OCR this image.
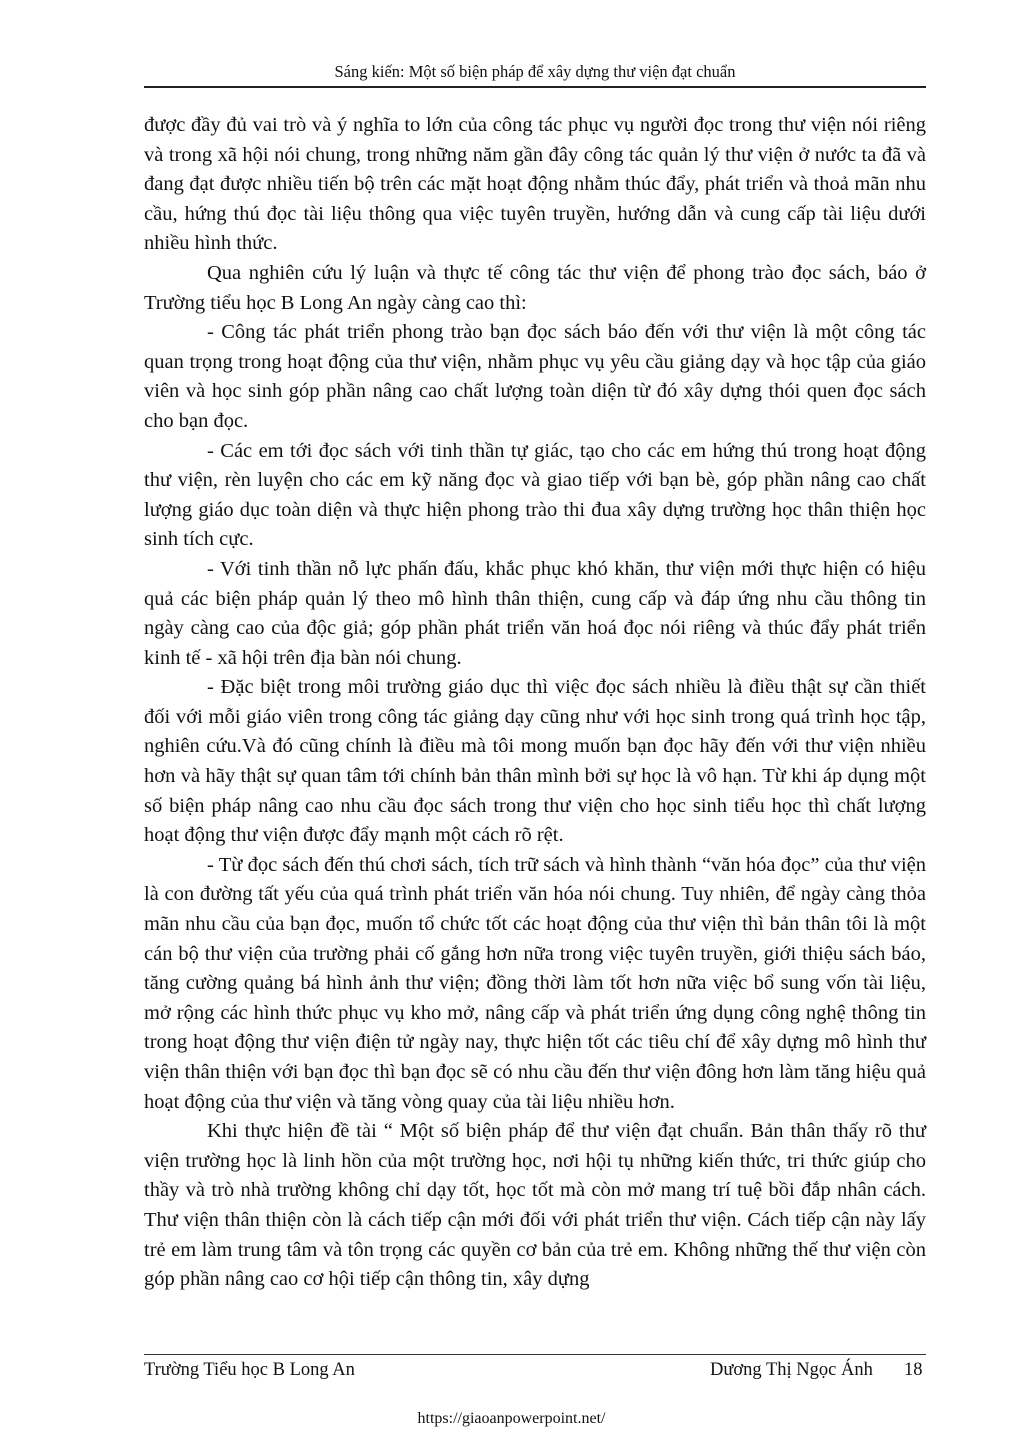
Sáng kiến: Một số biện pháp để xây dựng thư viện đạt chuẩn

được đầy đủ vai trò và ý nghĩa to lớn của công tác phục vụ người đọc trong thư viện nói riêng và trong xã hội nói chung, trong những năm gần đây công tác quản lý thư viện ở nước ta đã và đang đạt được nhiều tiến bộ trên các mặt hoạt động nhằm thúc đẩy, phát triển và thoả mãn nhu cầu, hứng thú đọc tài liệu thông qua việc tuyên truyền, hướng dẫn và cung cấp tài liệu dưới nhiều hình thức.

Qua nghiên cứu lý luận và thực tế công tác thư viện để phong trào đọc sách, báo ở Trường tiểu học B Long An ngày càng cao thì:

- Công tác phát triển phong trào bạn đọc sách báo đến với thư viện là một công tác quan trọng trong hoạt động của thư viện, nhằm phục vụ yêu cầu giảng dạy và học tập của giáo viên và học sinh góp phần nâng cao chất lượng toàn diện từ đó xây dựng thói quen đọc sách cho bạn đọc.

- Các em tới đọc sách với tinh thần tự giác, tạo cho các em hứng thú trong hoạt động thư viện, rèn luyện cho các em kỹ năng đọc và giao tiếp với bạn bè, góp phần nâng cao chất lượng giáo dục toàn diện và thực hiện phong trào thi đua xây dựng trường học thân thiện học sinh tích cực.

- Với tinh thần nỗ lực phấn đấu, khắc phục khó khăn, thư viện mới thực hiện có hiệu quả các biện pháp quản lý theo mô hình thân thiện, cung cấp và đáp ứng nhu cầu thông tin ngày càng cao của độc giả; góp phần phát triển văn hoá đọc nói riêng và thúc đẩy phát triển kinh tế - xã hội trên địa bàn nói chung.

- Đặc biệt trong môi trường giáo dục thì việc đọc sách nhiều là điều thật sự cần thiết đối với mỗi giáo viên trong công tác giảng dạy cũng như với học sinh trong quá trình học tập, nghiên cứu.Và đó cũng chính là điều mà tôi mong muốn bạn đọc hãy đến với thư viện nhiều hơn và hãy thật sự quan tâm tới chính bản thân mình bởi sự học là vô hạn. Từ khi áp dụng một số biện pháp nâng cao nhu cầu đọc sách trong thư viện cho học sinh tiểu học thì chất lượng hoạt động thư viện được đẩy mạnh một cách rõ rệt.

- Từ đọc sách đến thú chơi sách, tích trữ sách và hình thành “văn hóa đọc” của thư viện là con đường tất yếu của quá trình phát triển văn hóa nói chung. Tuy nhiên, để ngày càng thỏa mãn nhu cầu của bạn đọc, muốn tổ chức tốt các hoạt động của thư viện thì bản thân tôi là một cán bộ thư viện của trường phải cố gắng hơn nữa trong việc tuyên truyền, giới thiệu sách báo, tăng cường quảng bá hình ảnh thư viện; đồng thời làm tốt hơn nữa việc bổ sung vốn tài liệu, mở rộng các hình thức phục vụ kho mở, nâng cấp và phát triển ứng dụng công nghệ thông tin trong hoạt động thư viện điện tử ngày nay, thực hiện tốt các tiêu chí để xây dựng mô hình thư viện thân thiện với bạn đọc thì bạn đọc sẽ có nhu cầu đến thư viện đông hơn làm tăng hiệu quả hoạt động của thư viện và tăng vòng quay của tài liệu nhiều hơn.

Khi thực hiện đề tài “ Một số biện pháp để thư viện đạt chuẩn. Bản thân thấy rõ thư viện trường học là linh hồn của một trường học, nơi hội tụ những kiến thức, tri thức giúp cho thầy và trò nhà trường không chỉ dạy tốt, học tốt mà còn mở mang trí tuệ bồi đắp nhân cách. Thư viện thân thiện còn là cách tiếp cận mới đối với phát triển thư viện. Cách tiếp cận này lấy trẻ em làm trung tâm và tôn trọng các quyền cơ bản của trẻ em. Không những thế thư viện còn góp phần nâng cao cơ hội tiếp cận thông tin, xây dựng

Trường Tiểu học B Long An	Dương Thị Ngọc Ánh 18
https://giaoanpowerpoint.net/
